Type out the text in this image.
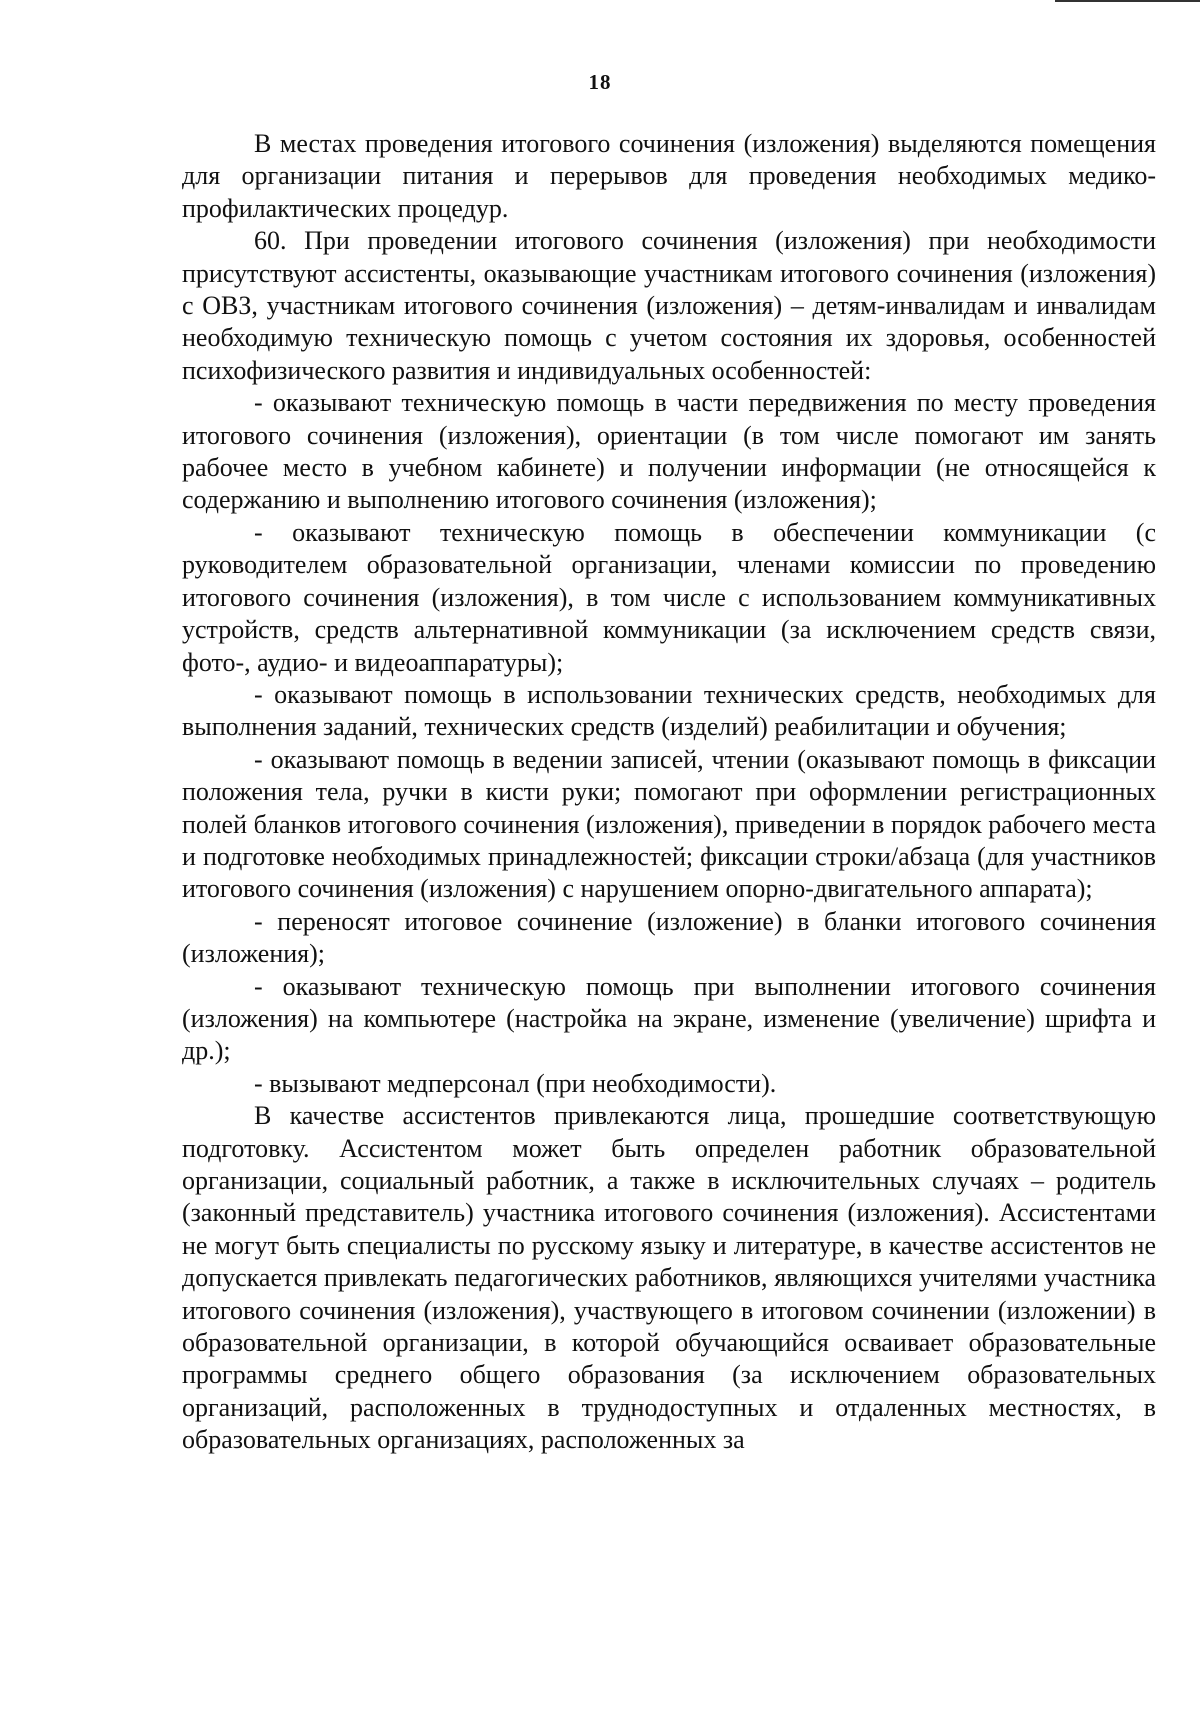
18

В местах проведения итогового сочинения (изложения) выделяются помещения для организации питания и перерывов для проведения необходимых медико-профилактических процедур.

60. При проведении итогового сочинения (изложения) при необходимости присутствуют ассистенты, оказывающие участникам итогового сочинения (изложения) с ОВЗ, участникам итогового сочинения (изложения) – детям-инвалидам и инвалидам необходимую техническую помощь с учетом состояния их здоровья, особенностей психофизического развития и индивидуальных особенностей:

- оказывают техническую помощь в части передвижения по месту проведения итогового сочинения (изложения), ориентации (в том числе помогают им занять рабочее место в учебном кабинете) и получении информации (не относящейся к содержанию и выполнению итогового сочинения (изложения);

- оказывают техническую помощь в обеспечении коммуникации (с руководителем образовательной организации, членами комиссии по проведению итогового сочинения (изложения), в том числе с использованием коммуникативных устройств, средств альтернативной коммуникации (за исключением средств связи, фото-, аудио- и видеоаппаратуры);

- оказывают помощь в использовании технических средств, необходимых для выполнения заданий, технических средств (изделий) реабилитации и обучения;

- оказывают помощь в ведении записей, чтении (оказывают помощь в фиксации положения тела, ручки в кисти руки; помогают при оформлении регистрационных полей бланков итогового сочинения (изложения), приведении в порядок рабочего места и подготовке необходимых принадлежностей; фиксации строки/абзаца (для участников итогового сочинения (изложения) с нарушением опорно-двигательного аппарата);

- переносят итоговое сочинение (изложение) в бланки итогового сочинения (изложения);

- оказывают техническую помощь при выполнении итогового сочинения (изложения) на компьютере (настройка на экране, изменение (увеличение) шрифта и др.);

- вызывают медперсонал (при необходимости).

В качестве ассистентов привлекаются лица, прошедшие соответствующую подготовку. Ассистентом может быть определен работник образовательной организации, социальный работник, а также в исключительных случаях – родитель (законный представитель) участника итогового сочинения (изложения). Ассистентами не могут быть специалисты по русскому языку и литературе, в качестве ассистентов не допускается привлекать педагогических работников, являющихся учителями участника итогового сочинения (изложения), участвующего в итоговом сочинении (изложении) в образовательной организации, в которой обучающийся осваивает образовательные программы среднего общего образования (за исключением образовательных организаций, расположенных в труднодоступных и отдаленных местностях, в образовательных организациях, расположенных за
